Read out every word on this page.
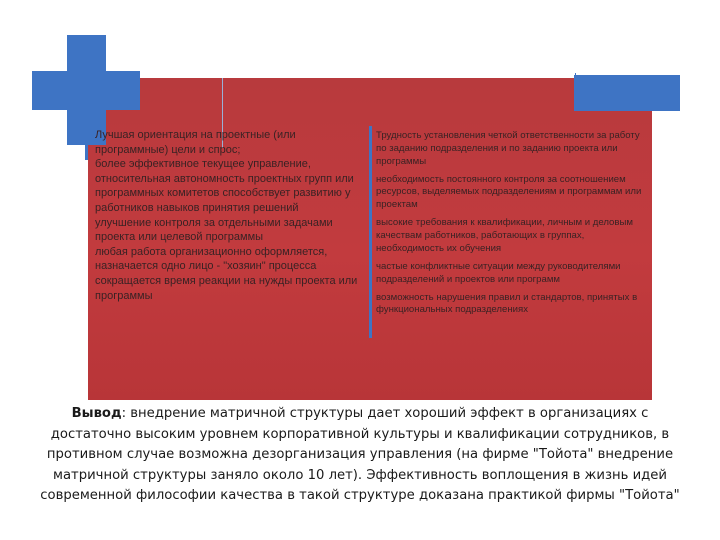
Лучшая ориентация на проектные (или программные) цели и спрос;

более эффективное текущее управление, относительная автономность проектных групп или программных комитетов способствует развитию у работников навыков принятия решений

улучшение контроля за отдельными задачами проекта или целевой программы

любая работа организационно оформляется, назначается одно лицо - "хозяин" процесса

сокращается время реакции на нужды проекта или программы

Трудность установления четкой ответственности за работу по заданию подразделения и по заданию проекта или программы

необходимость постоянного контроля за соотношением ресурсов, выделяемых подразделениям и программам или проектам

высокие требования к квалификации, личным и деловым качествам работников, работающих в группах, необходимость их обучения

частые конфликтные ситуации между руководителями подразделений и проектов или программ

возможность нарушения правил и стандартов, принятых в функциональных подразделениях

Вывод: внедрение матричной структуры дает хороший эффект в организациях с достаточно высоким уровнем корпоративной культуры и квалификации сотрудников, в противном случае возможна дезорганизация управления (на фирме "Тойота" внедрение матричной структуры заняло около 10 лет). Эффективность воплощения в жизнь идей современной философии качества в такой структуре доказана практикой фирмы "Тойота"
